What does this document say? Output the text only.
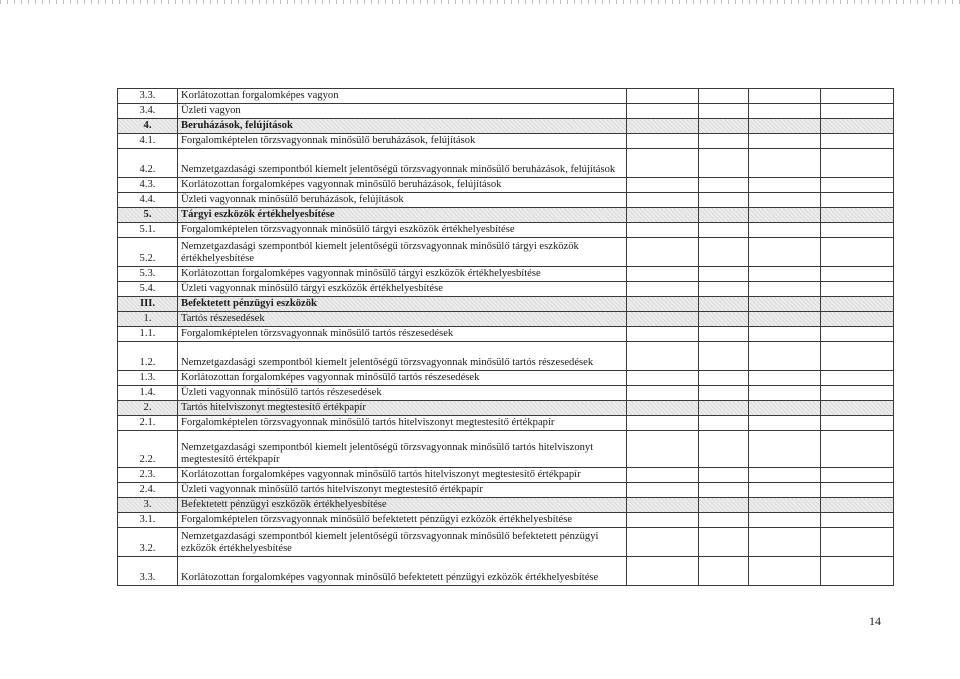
3.3.	Korlátozottan forgalomképes vagyon				
3.4.	Üzleti vagyon				
4.	Beruházások, felújítások				
4.1.	Forgalomképtelen törzsvagyonnak minősülő beruházások, felújítások				
4.2.	Nemzetgazdasági szempontból kiemelt jelentőségű törzsvagyonnak minősülő beruházások, felújítások				
4.3.	Korlátozottan forgalomképes vagyonnak minősülő beruházások, felújítások				
4.4.	Üzleti vagyonnak minősülő beruházások, felújítások				
5.	Tárgyi eszközök értékhelyesbítése				
5.1.	Forgalomképtelen törzsvagyonnak minősülő tárgyi eszközök értékhelyesbítése				
5.2.	Nemzetgazdasági szempontból kiemelt jelentőségű törzsvagyonnak minősülő tárgyi eszközök értékhelyesbítése				
5.3.	Korlátozottan forgalomképes vagyonnak minősülő tárgyi eszközök értékhelyesbítése				
5.4.	Üzleti vagyonnak minősülő tárgyi eszközök értékhelyesbítése				
III.	Befektetett pénzügyi eszközök				
1.	Tartós részesedések				
1.1.	Forgalomképtelen törzsvagyonnak minősülő tartós részesedések				
1.2.	Nemzetgazdasági szempontból kiemelt jelentőségű törzsvagyonnak minősülő tartós részesedések				
1.3.	Korlátozottan forgalomképes vagyonnak minősülő tartós részesedések				
1.4.	Üzleti vagyonnak minősülő tartós részesedések				
2.	Tartós hitelviszonyt megtestesítő értékpapír				
2.1.	Forgalomképtelen törzsvagyonnak minősülő tartós hitelviszonyt megtestesítő értékpapír				
2.2.	Nemzetgazdasági szempontból kiemelt jelentőségű törzsvagyonnak minősülő tartós hitelviszonyt megtestesítő értékpapír				
2.3.	Korlátozottan forgalomképes vagyonnak minősülő tartós hitelviszonyt megtestesítő értékpapír				
2.4.	Üzleti vagyonnak minősülő tartós hitelviszonyt megtestesítő értékpapír				
3.	Befektetett pénzügyi eszközök értékhelyesbítése				
3.1.	Forgalomképtelen törzsvagyonnak minősülő befektetett pénzügyi ezközök értékhelyesbítése				
3.2.	Nemzetgazdasági szempontból kiemelt jelentőségű törzsvagyonnak minősülő befektetett pénzügyi ezközök értékhelyesbítése				
3.3.	Korlátozottan forgalomképes vagyonnak minősülő befektetett pénzügyi ezközök értékhelyesbítése				
14
